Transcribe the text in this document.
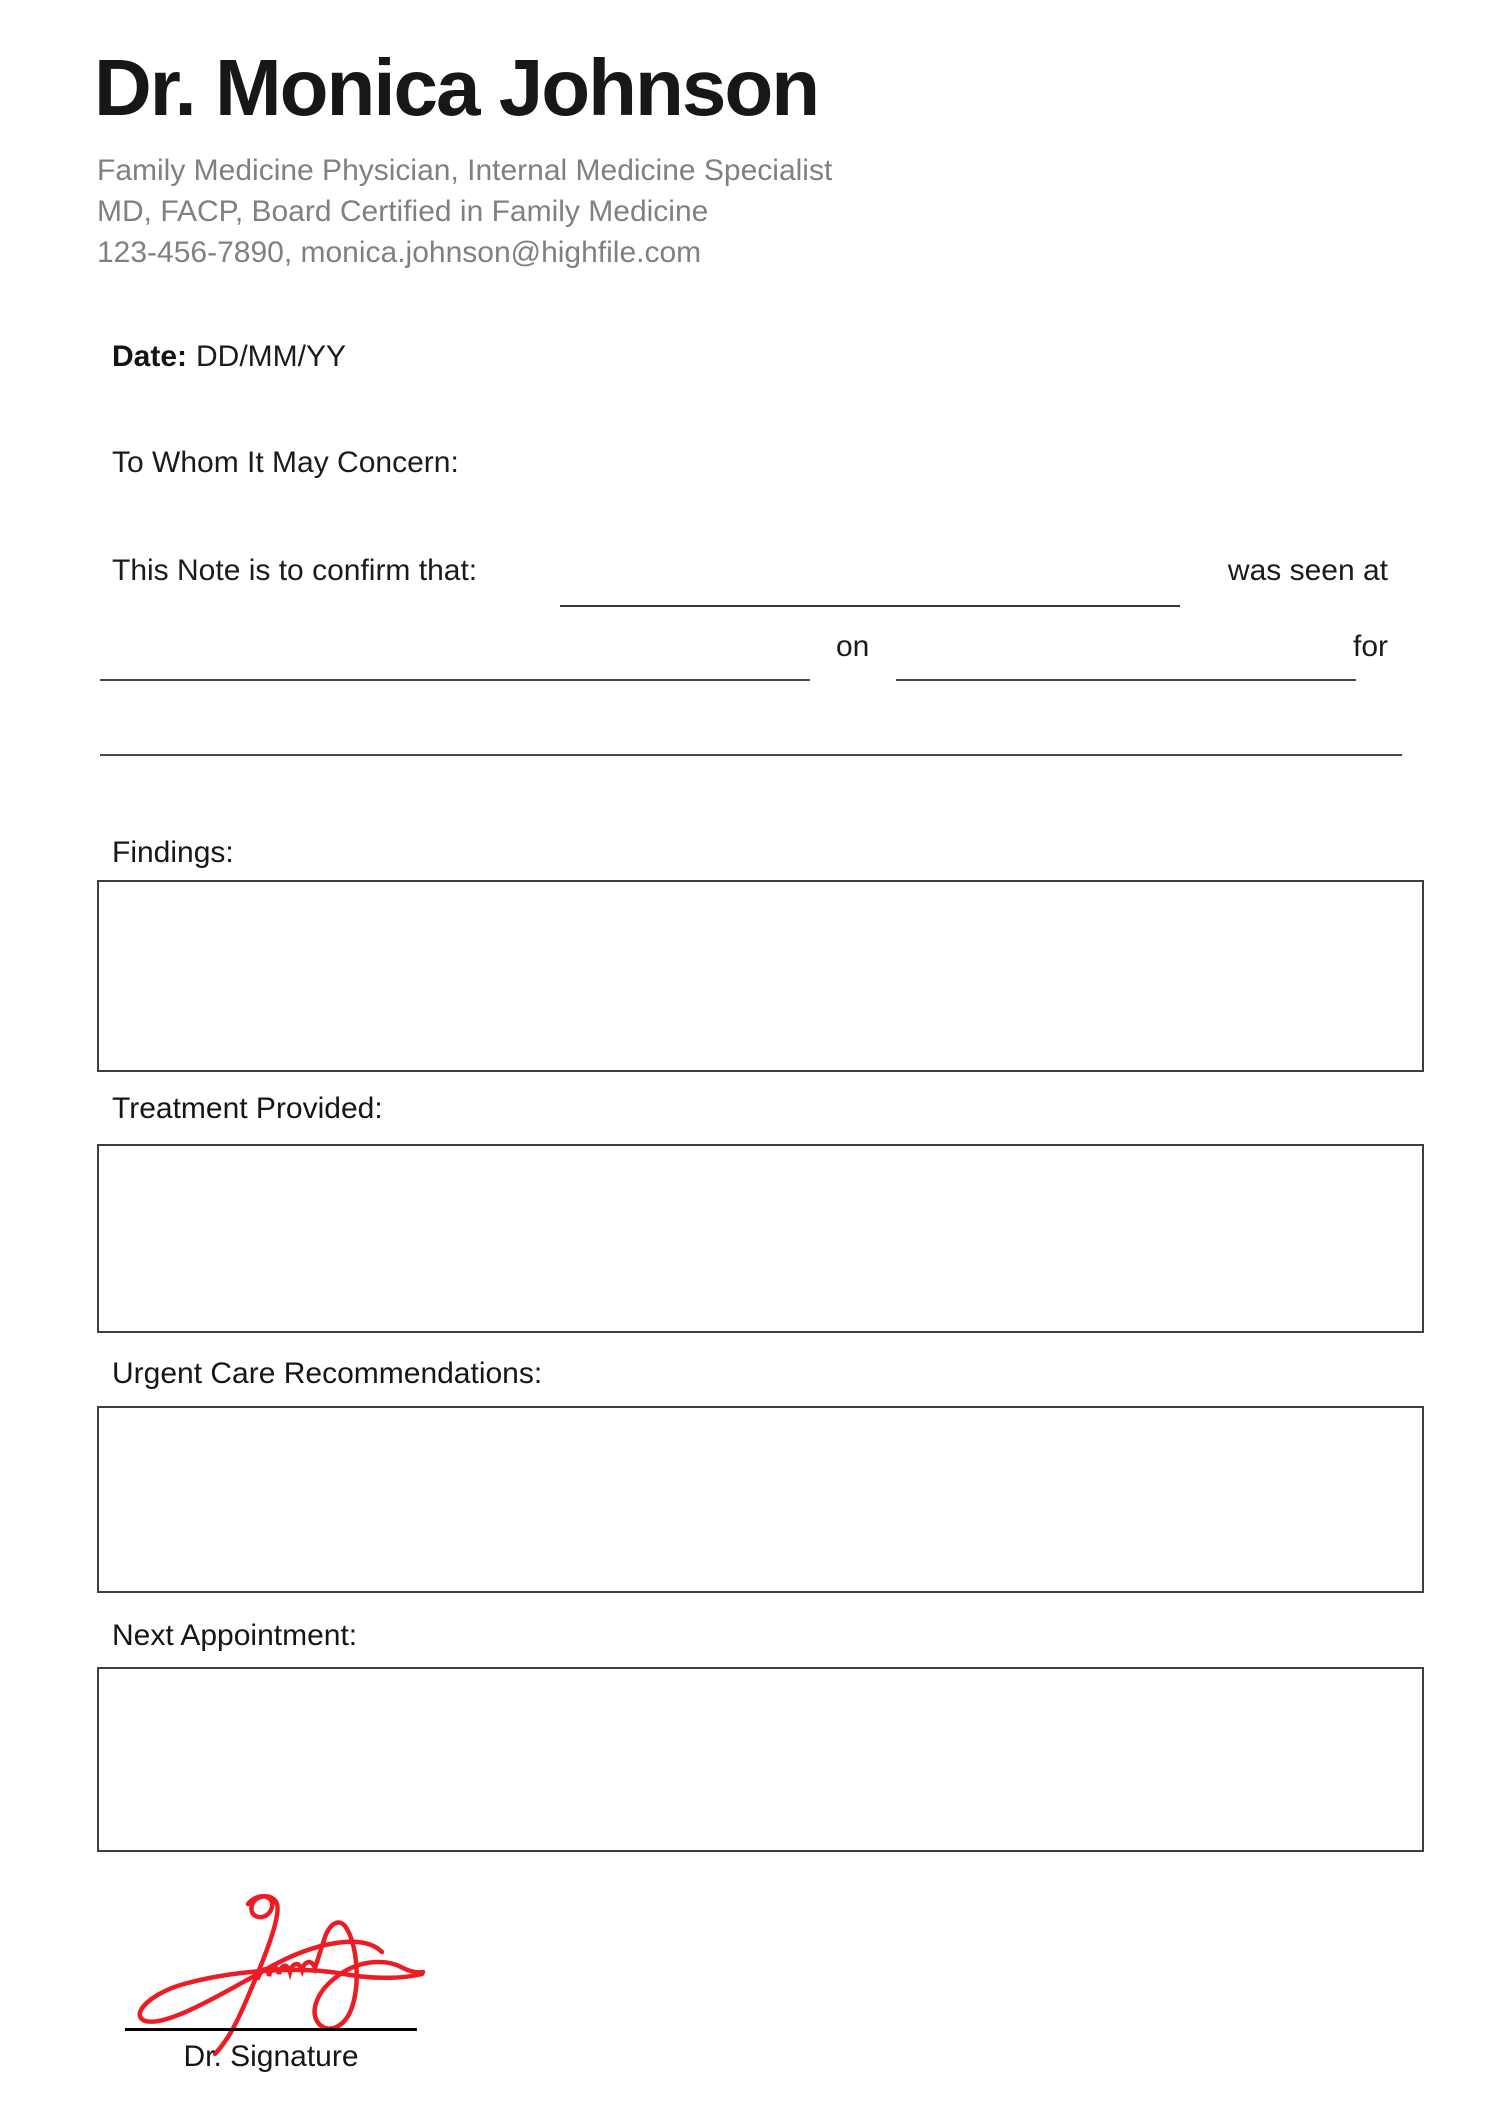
Dr. Monica Johnson
Family Medicine Physician, Internal Medicine Specialist
MD, FACP, Board Certified in Family Medicine
123-456-7890, monica.johnson@highfile.com
Date: DD/MM/YY
To Whom It May Concern:
This Note is to confirm that:	was seen at
on	for
Findings:
Treatment Provided:
Urgent Care Recommendations:
Next Appointment:
Dr. Signature
